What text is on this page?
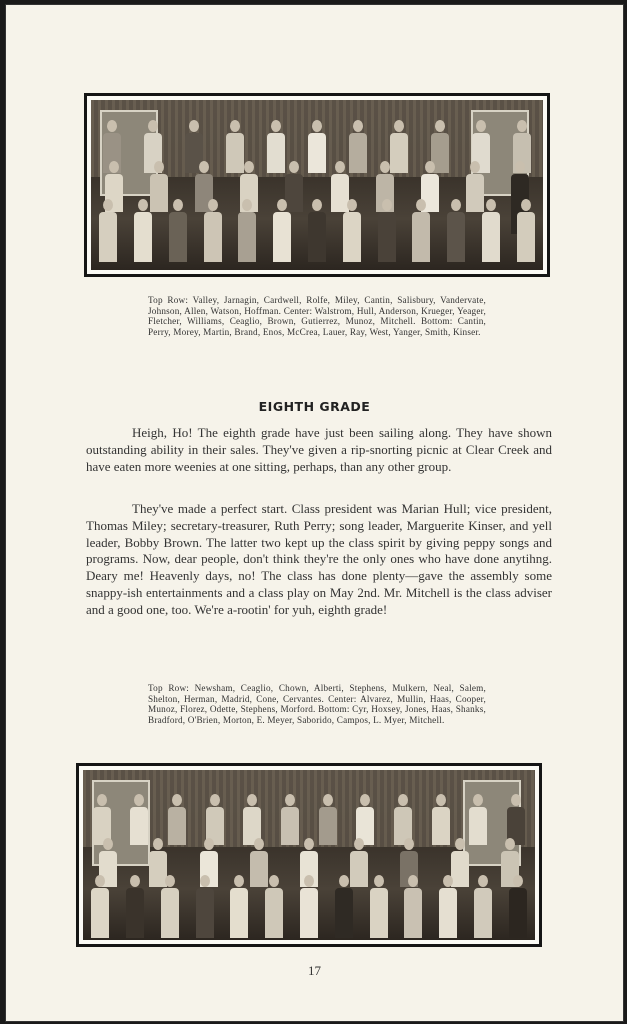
Top Row: Valley, Jarnagin, Cardwell, Rolfe, Miley, Cantin, Salisbury, Vandervate, Johnson, Allen, Watson, Hoffman. Center: Walstrom, Hull, Anderson, Krueger, Yeager, Fletcher, Williams, Ceaglio, Brown, Gutierrez, Munoz, Mitchell. Bottom: Cantin, Perry, Morey, Martin, Brand, Enos, McCrea, Lauer, Ray, West, Yanger, Smith, Kinser.
EIGHTH GRADE

Heigh, Ho! The eighth grade have just been sailing along. They have shown outstanding ability in their sales. They've given a rip-snorting picnic at Clear Creek and have eaten more weenies at one sitting, perhaps, than any other group.

They've made a perfect start. Class president was Marian Hull; vice president, Thomas Miley; secretary-treasurer, Ruth Perry; song leader, Marguerite Kinser, and yell leader, Bobby Brown. The latter two kept up the class spirit by giving peppy songs and programs. Now, dear people, don't think they're the only ones who have done anytihng. Deary me! Heavenly days, no! The class has done plenty—gave the assembly some snappy-ish entertainments and a class play on May 2nd. Mr. Mitchell is the class adviser and a good one, too. We're a-rootin' for yuh, eighth grade!

Top Row: Newsham, Ceaglio, Chown, Alberti, Stephens, Mulkern, Neal, Salem, Shelton, Herman, Madrid, Cone, Cervantes. Center: Alvarez, Mullin, Haas, Cooper, Munoz, Florez, Odette, Stephens, Morford. Bottom: Cyr, Hoxsey, Jones, Haas, Shanks, Bradford, O'Brien, Morton, E. Meyer, Saborido, Campos, L. Myer, Mitchell.
17
